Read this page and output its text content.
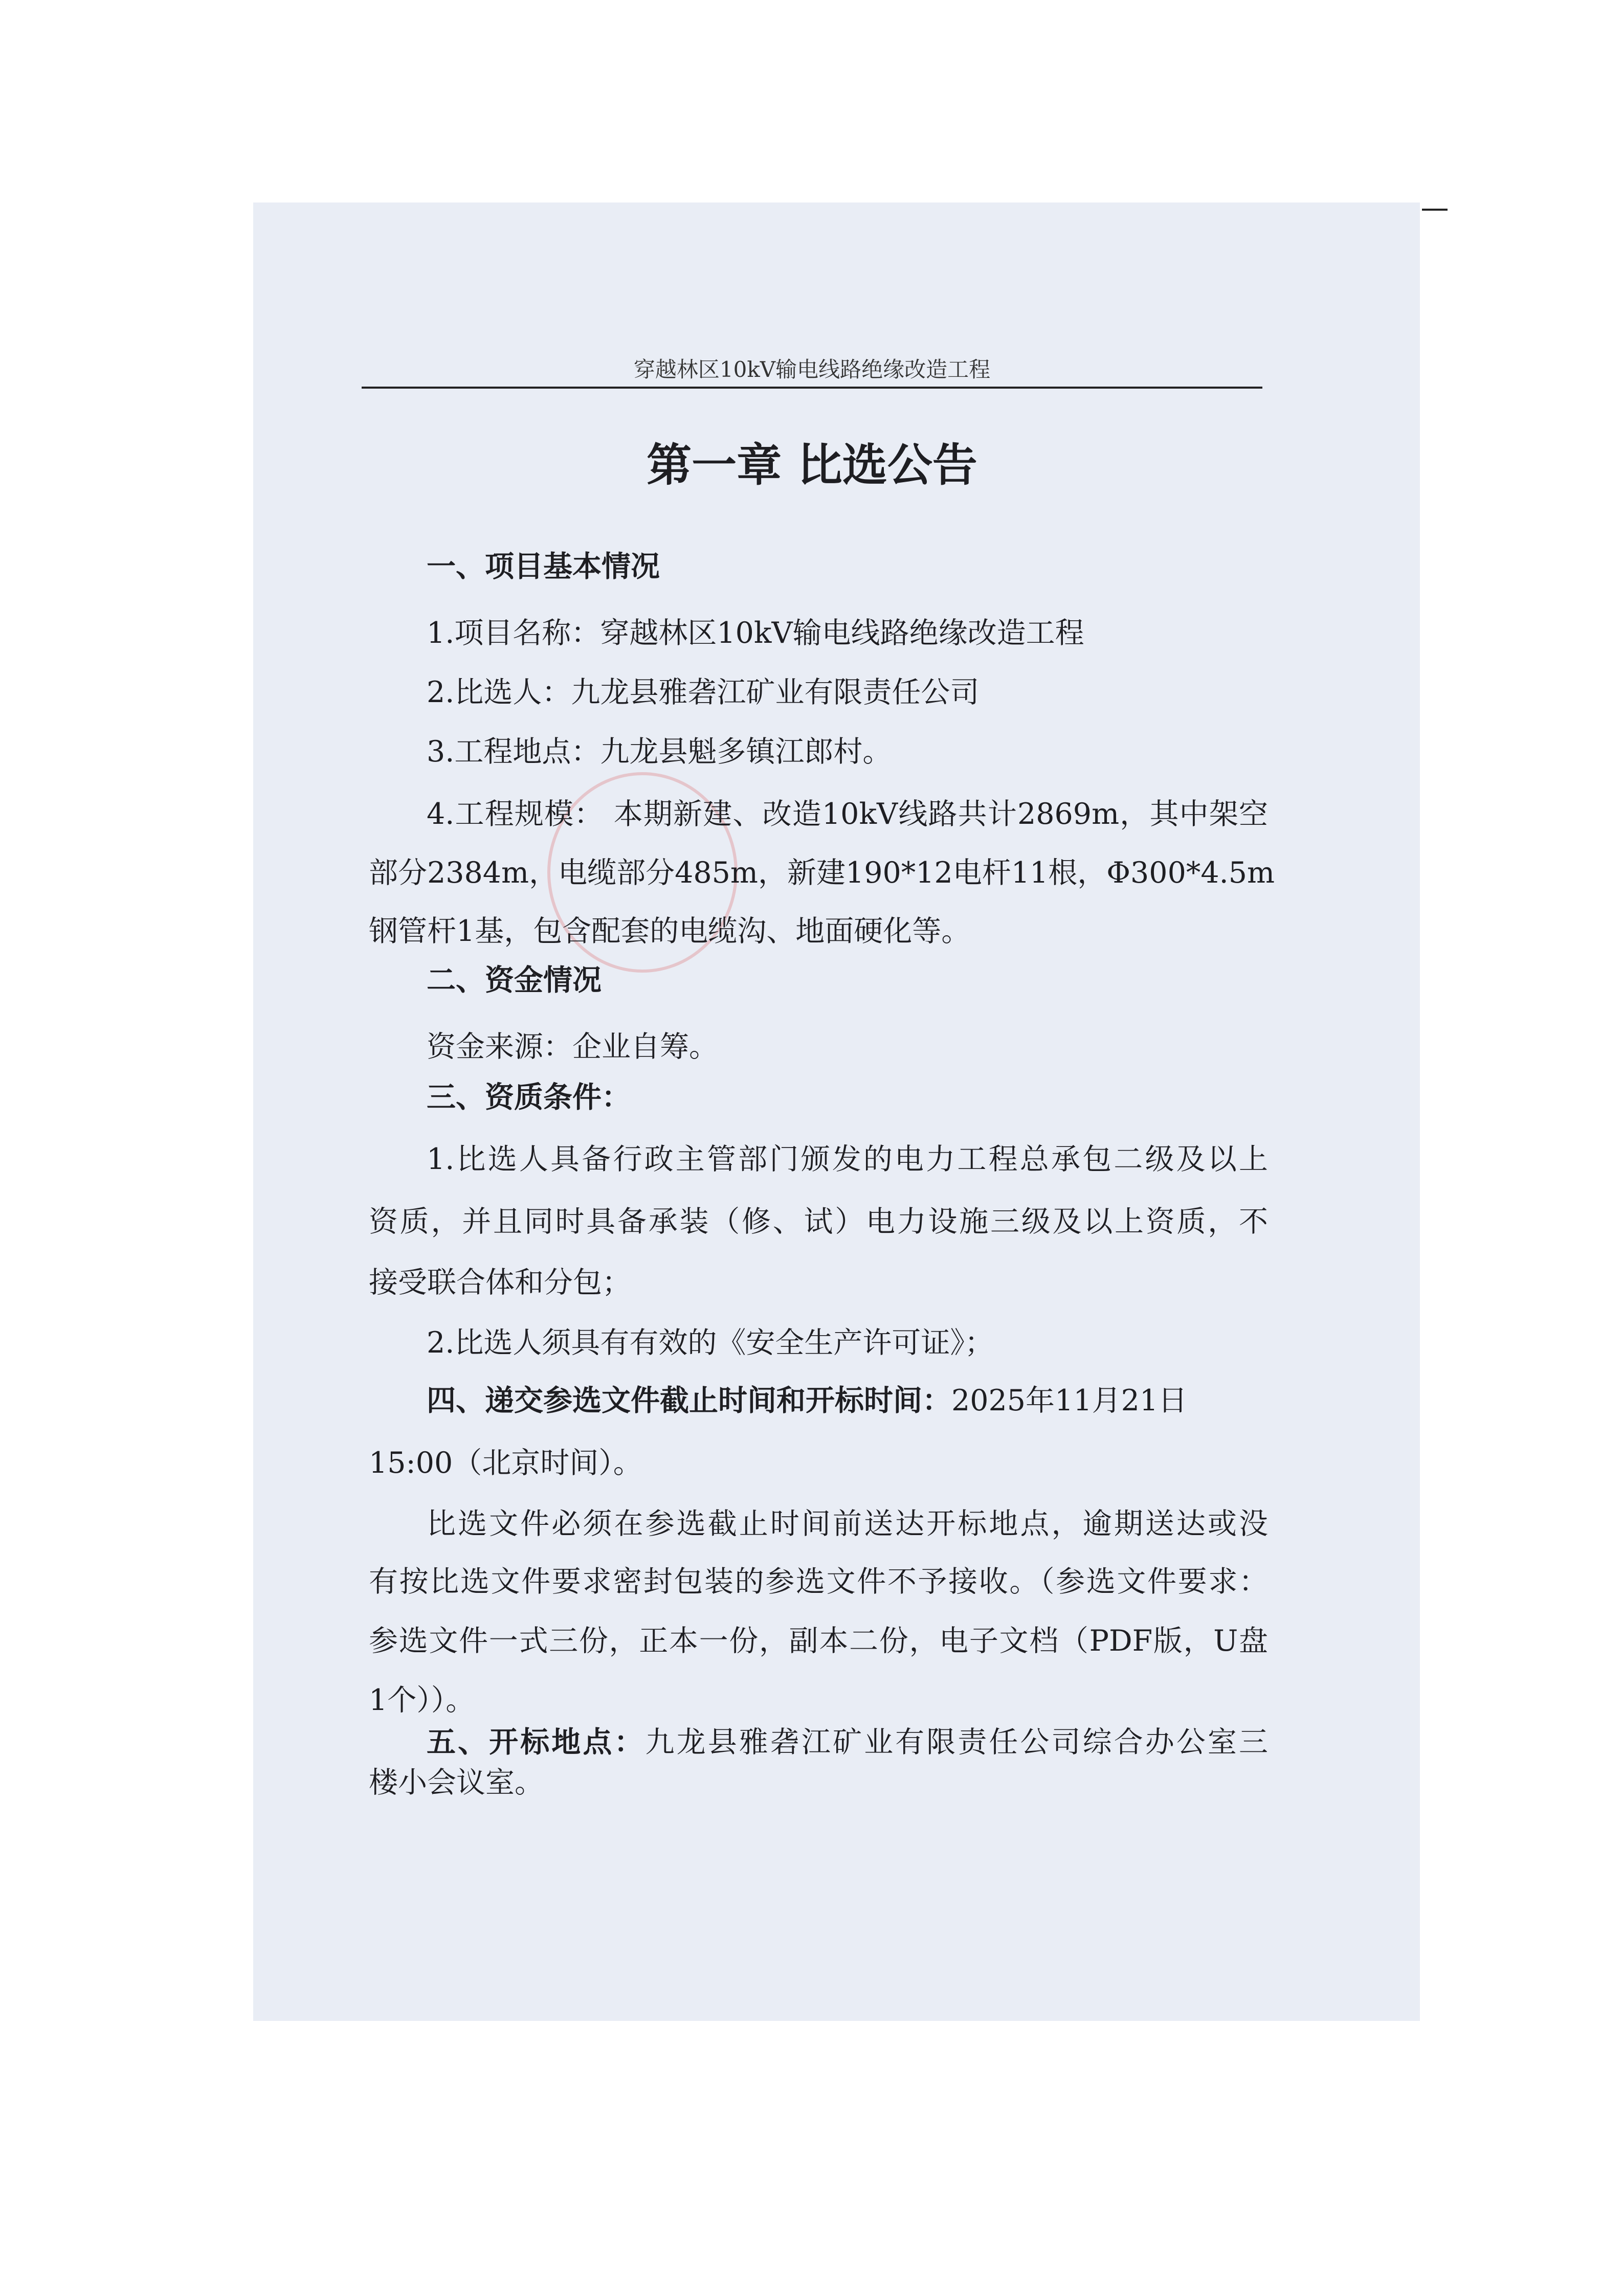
穿越林区10kV输电线路绝缘改造工程
第一章 比选公告
一、项目基本情况
1.项目名称：穿越林区10kV输电线路绝缘改造工程
2.比选人：九龙县雅砻江矿业有限责任公司
3.工程地点：九龙县魁多镇江郎村。
4.工程规模： 本期新建、改造10kV线路共计2869m，其中架空
部分2384m，电缆部分485m，新建190*12电杆11根，Φ300*4.5m
钢管杆1基，包含配套的电缆沟、地面硬化等。
二、资金情况
资金来源：企业自筹。
三、资质条件：
1.比选人具备行政主管部门颁发的电力工程总承包二级及以上
资质，并且同时具备承装（修、试）电力设施三级及以上资质，不
接受联合体和分包；
2.比选人须具有有效的《安全生产许可证》；
四、递交参选文件截止时间和开标时间：2025年11月21日
15:00（北京时间）。
比选文件必须在参选截止时间前送达开标地点，逾期送达或没
有按比选文件要求密封包装的参选文件不予接收。（参选文件要求：
参选文件一式三份，正本一份，副本二份，电子文档（PDF版，U盘
1个））。
五、开标地点：九龙县雅砻江矿业有限责任公司综合办公室三
楼小会议室。
